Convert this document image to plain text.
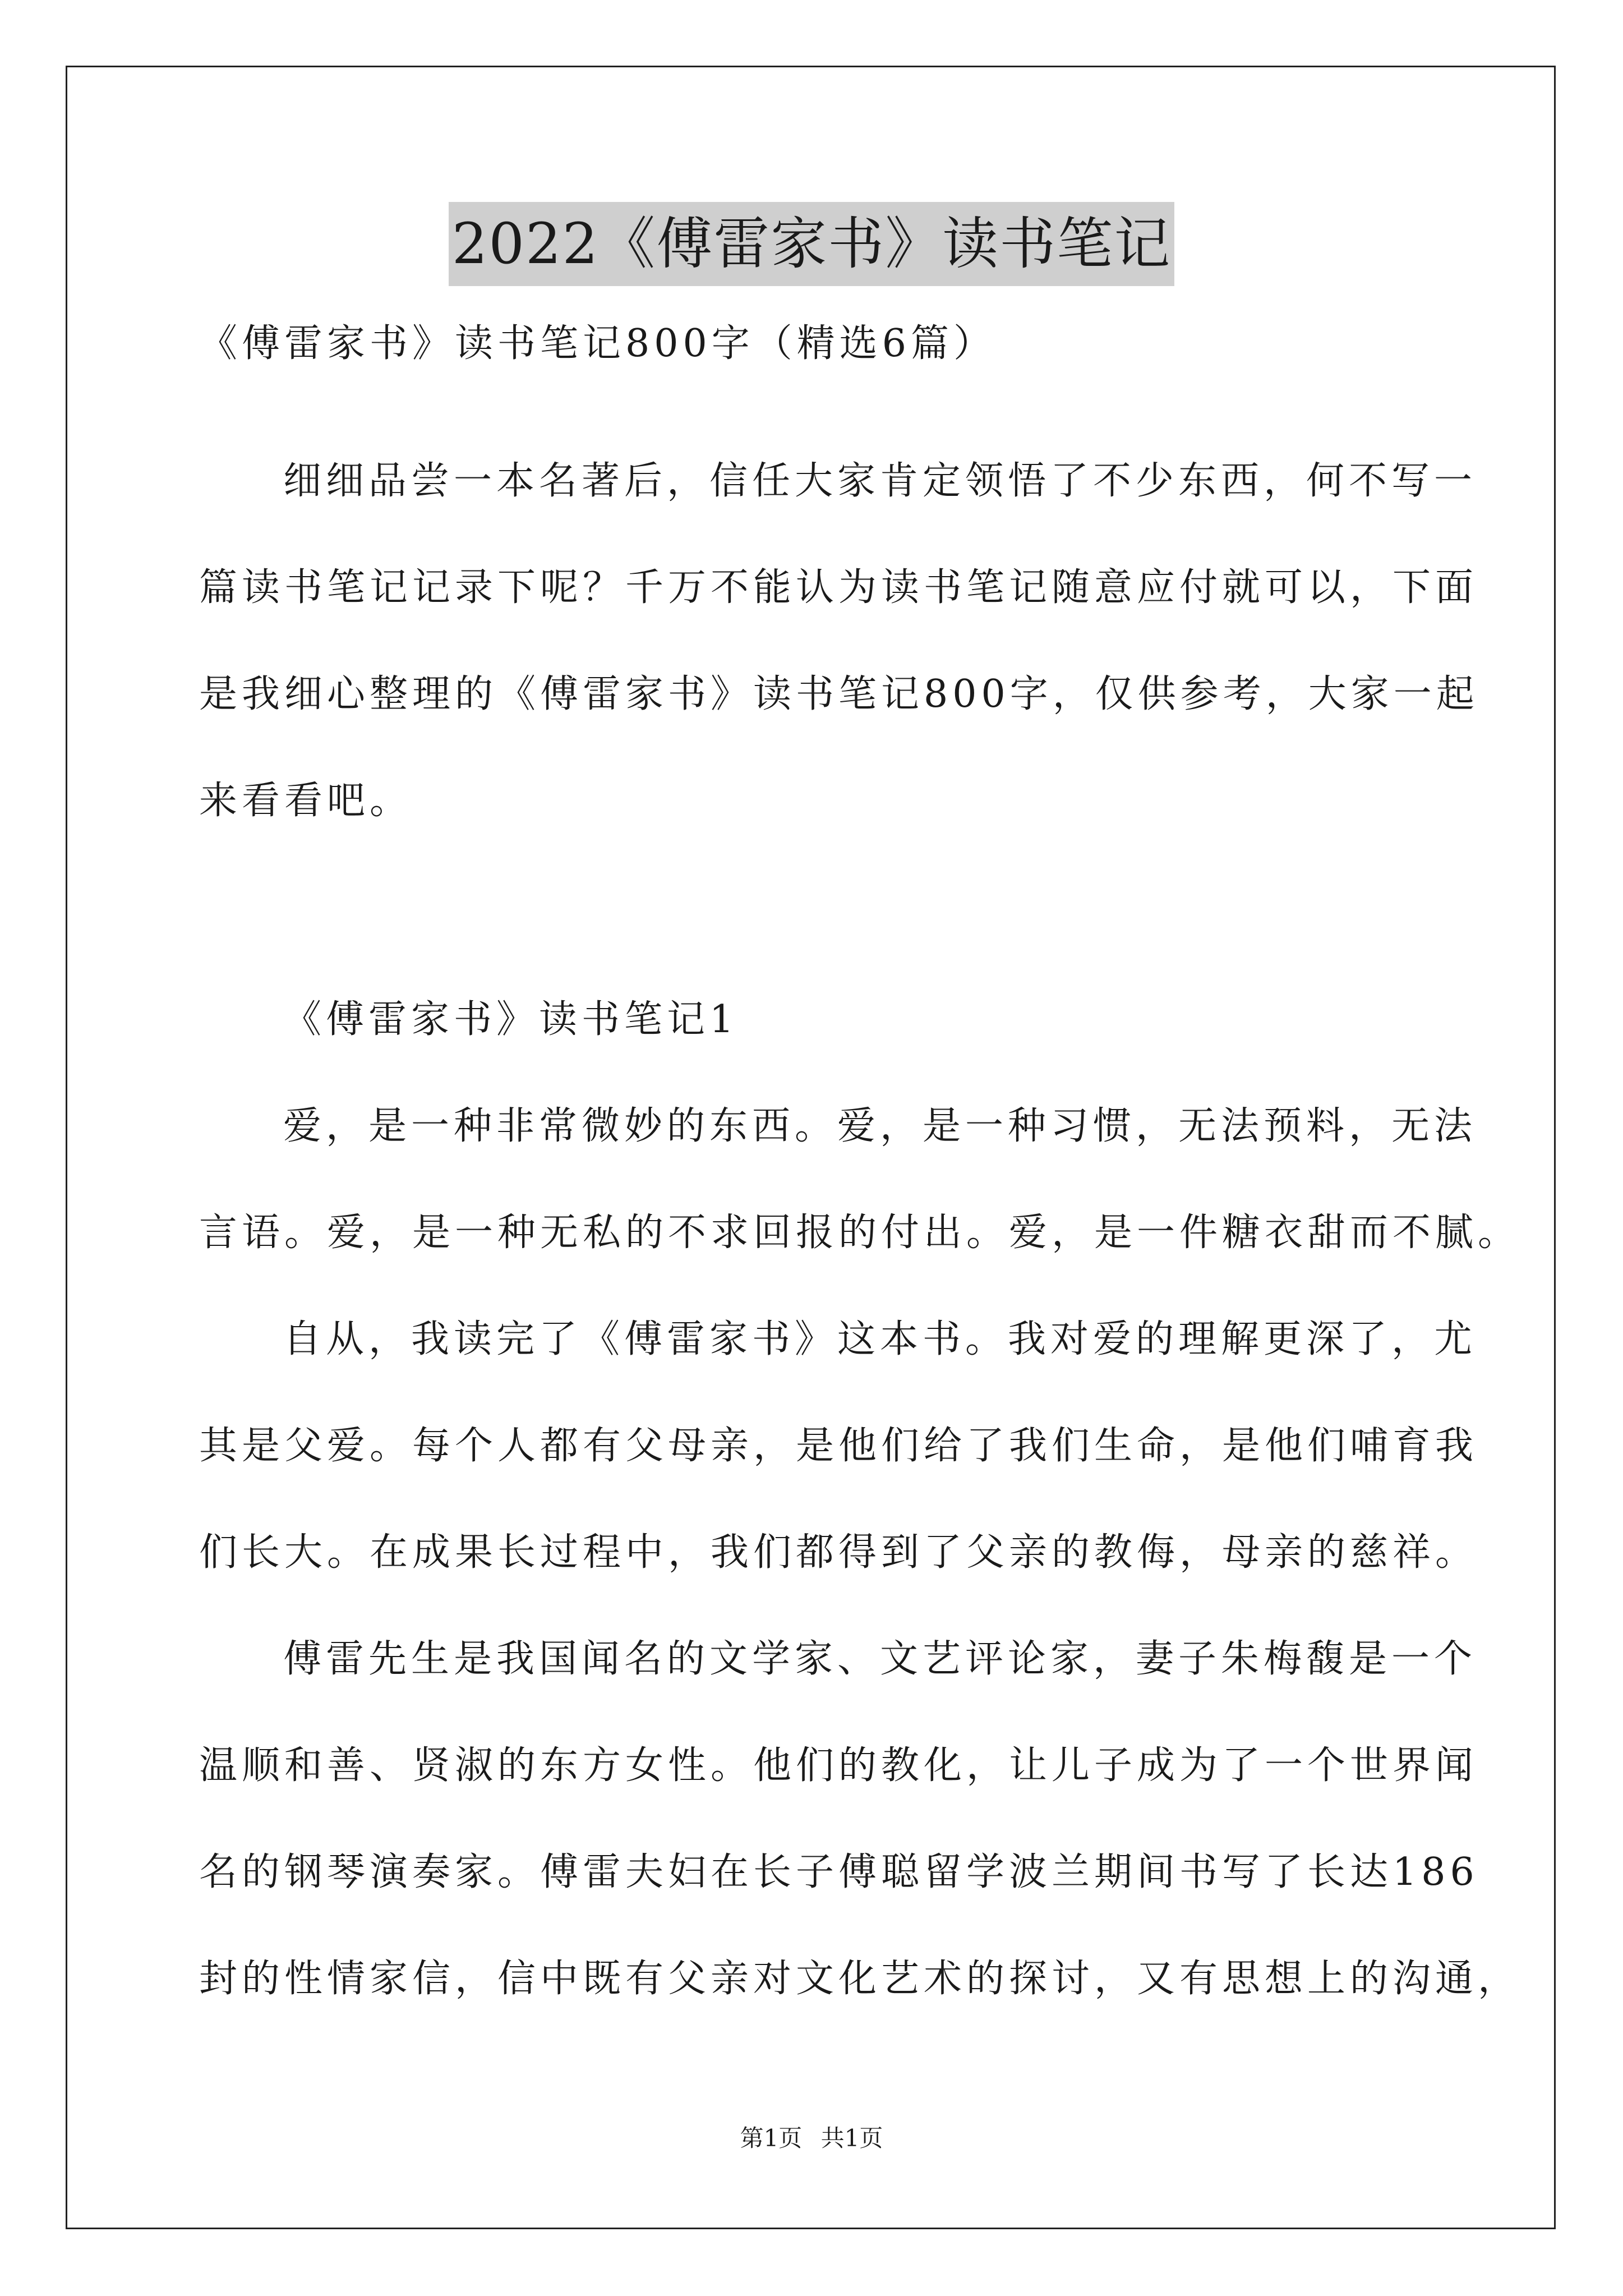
2022《傅雷家书》读书笔记
《傅雷家书》读书笔记800字（精选6篇）
细细品尝一本名著后，信任大家肯定领悟了不少东西，何不写一
篇读书笔记记录下呢？千万不能认为读书笔记随意应付就可以，下面
是我细心整理的《傅雷家书》读书笔记800字，仅供参考，大家一起
来看看吧。
《傅雷家书》读书笔记1
爱，是一种非常微妙的东西。爱，是一种习惯，无法预料，无法
言语。爱，是一种无私的不求回报的付出。爱，是一件糖衣甜而不腻。
自从，我读完了《傅雷家书》这本书。我对爱的理解更深了，尤
其是父爱。每个人都有父母亲，是他们给了我们生命，是他们哺育我
们长大。在成果长过程中，我们都得到了父亲的教侮，母亲的慈祥。
傅雷先生是我国闻名的文学家、文艺评论家，妻子朱梅馥是一个
温顺和善、贤淑的东方女性。他们的教化，让儿子成为了一个世界闻
名的钢琴演奏家。傅雷夫妇在长子傅聪留学波兰期间书写了长达186
封的性情家信，信中既有父亲对文化艺术的探讨，又有思想上的沟通，
第1页 共1页
